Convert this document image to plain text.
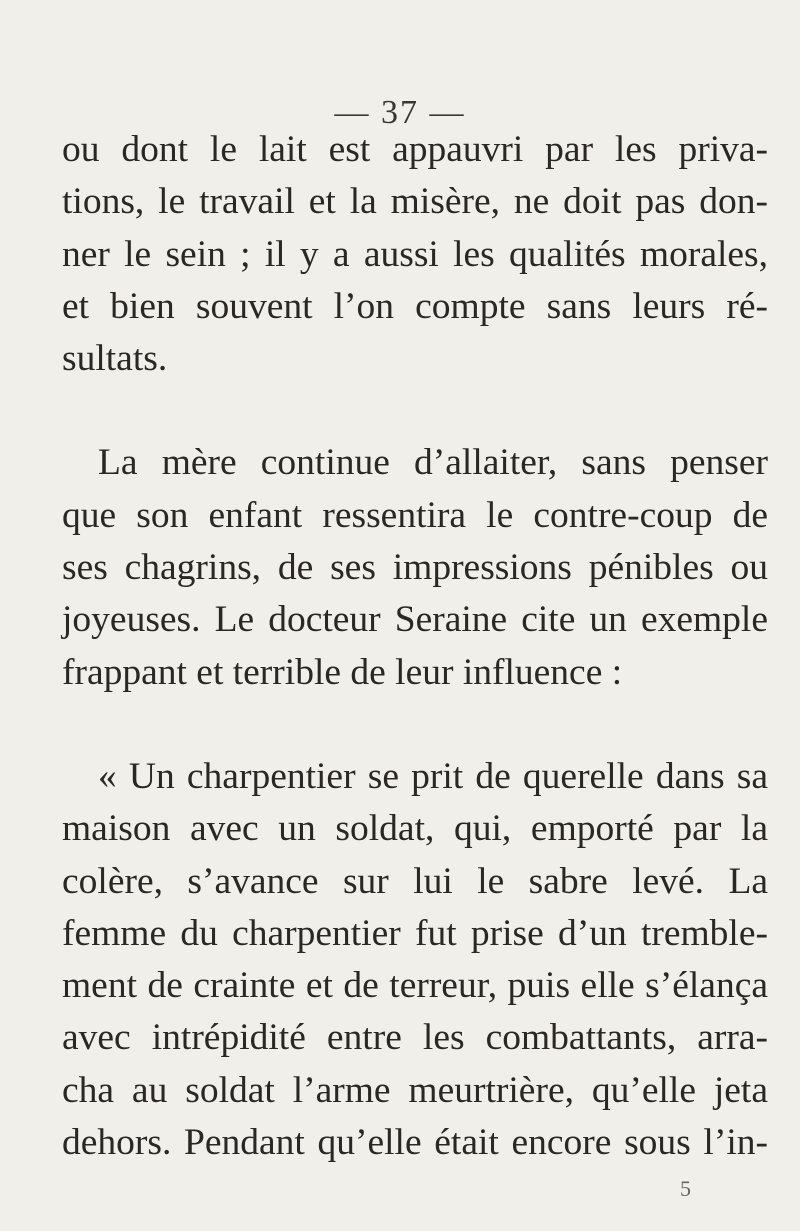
— 37 —
ou dont le lait est appauvri par les priva-
tions, le travail et la misère, ne doit pas don-
ner le sein ; il y a aussi les qualités morales,
et bien souvent l’on compte sans leurs ré-
sultats.
La mère continue d’allaiter, sans penser
que son enfant ressentira le contre-coup de
ses chagrins, de ses impressions pénibles ou
joyeuses. Le docteur Seraine cite un exemple
frappant et terrible de leur influence :
« Un charpentier se prit de querelle dans sa
maison avec un soldat, qui, emporté par la
colère, s’avance sur lui le sabre levé. La
femme du charpentier fut prise d’un tremble-
ment de crainte et de terreur, puis elle s’élança
avec intrépidité entre les combattants, arra-
cha au soldat l’arme meurtrière, qu’elle jeta
dehors. Pendant qu’elle était encore sous l’in-
5
